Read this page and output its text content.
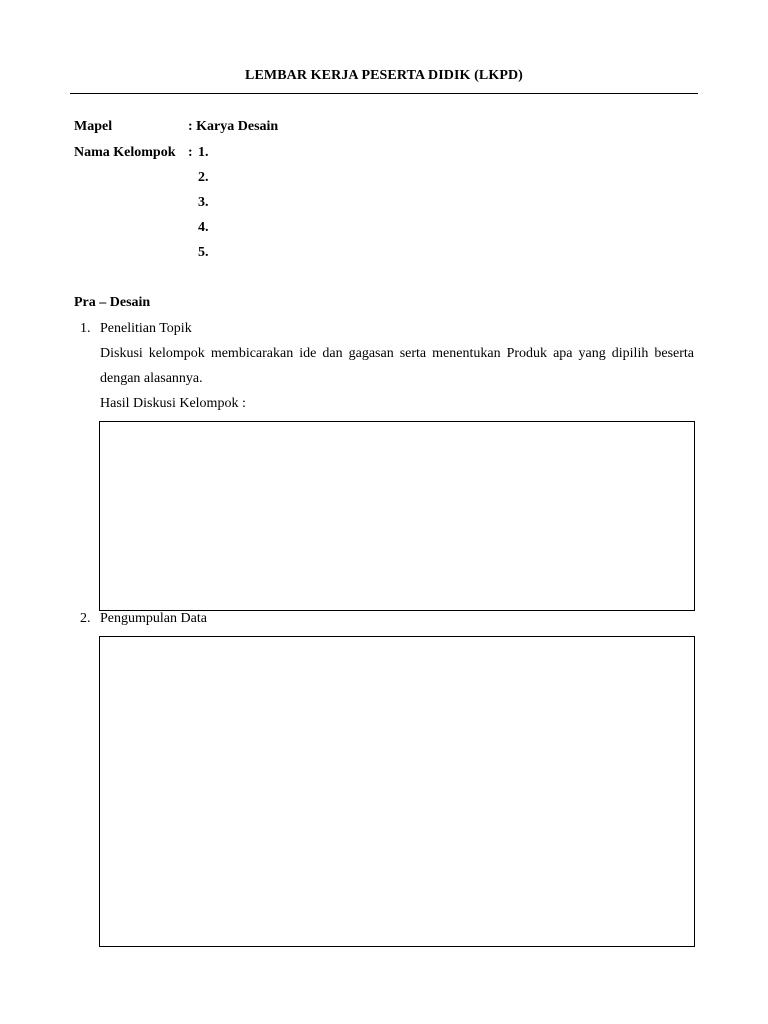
LEMBAR KERJA PESERTA DIDIK (LKPD)
Mapel	: Karya Desain
Nama Kelompok : 1.
2.
3.
4.
5.
Pra – Desain
1. Penelitian Topik
Diskusi kelompok membicarakan ide dan gagasan serta menentukan Produk apa yang dipilih beserta dengan alasannya.
Hasil Diskusi Kelompok :
2. Pengumpulan Data
